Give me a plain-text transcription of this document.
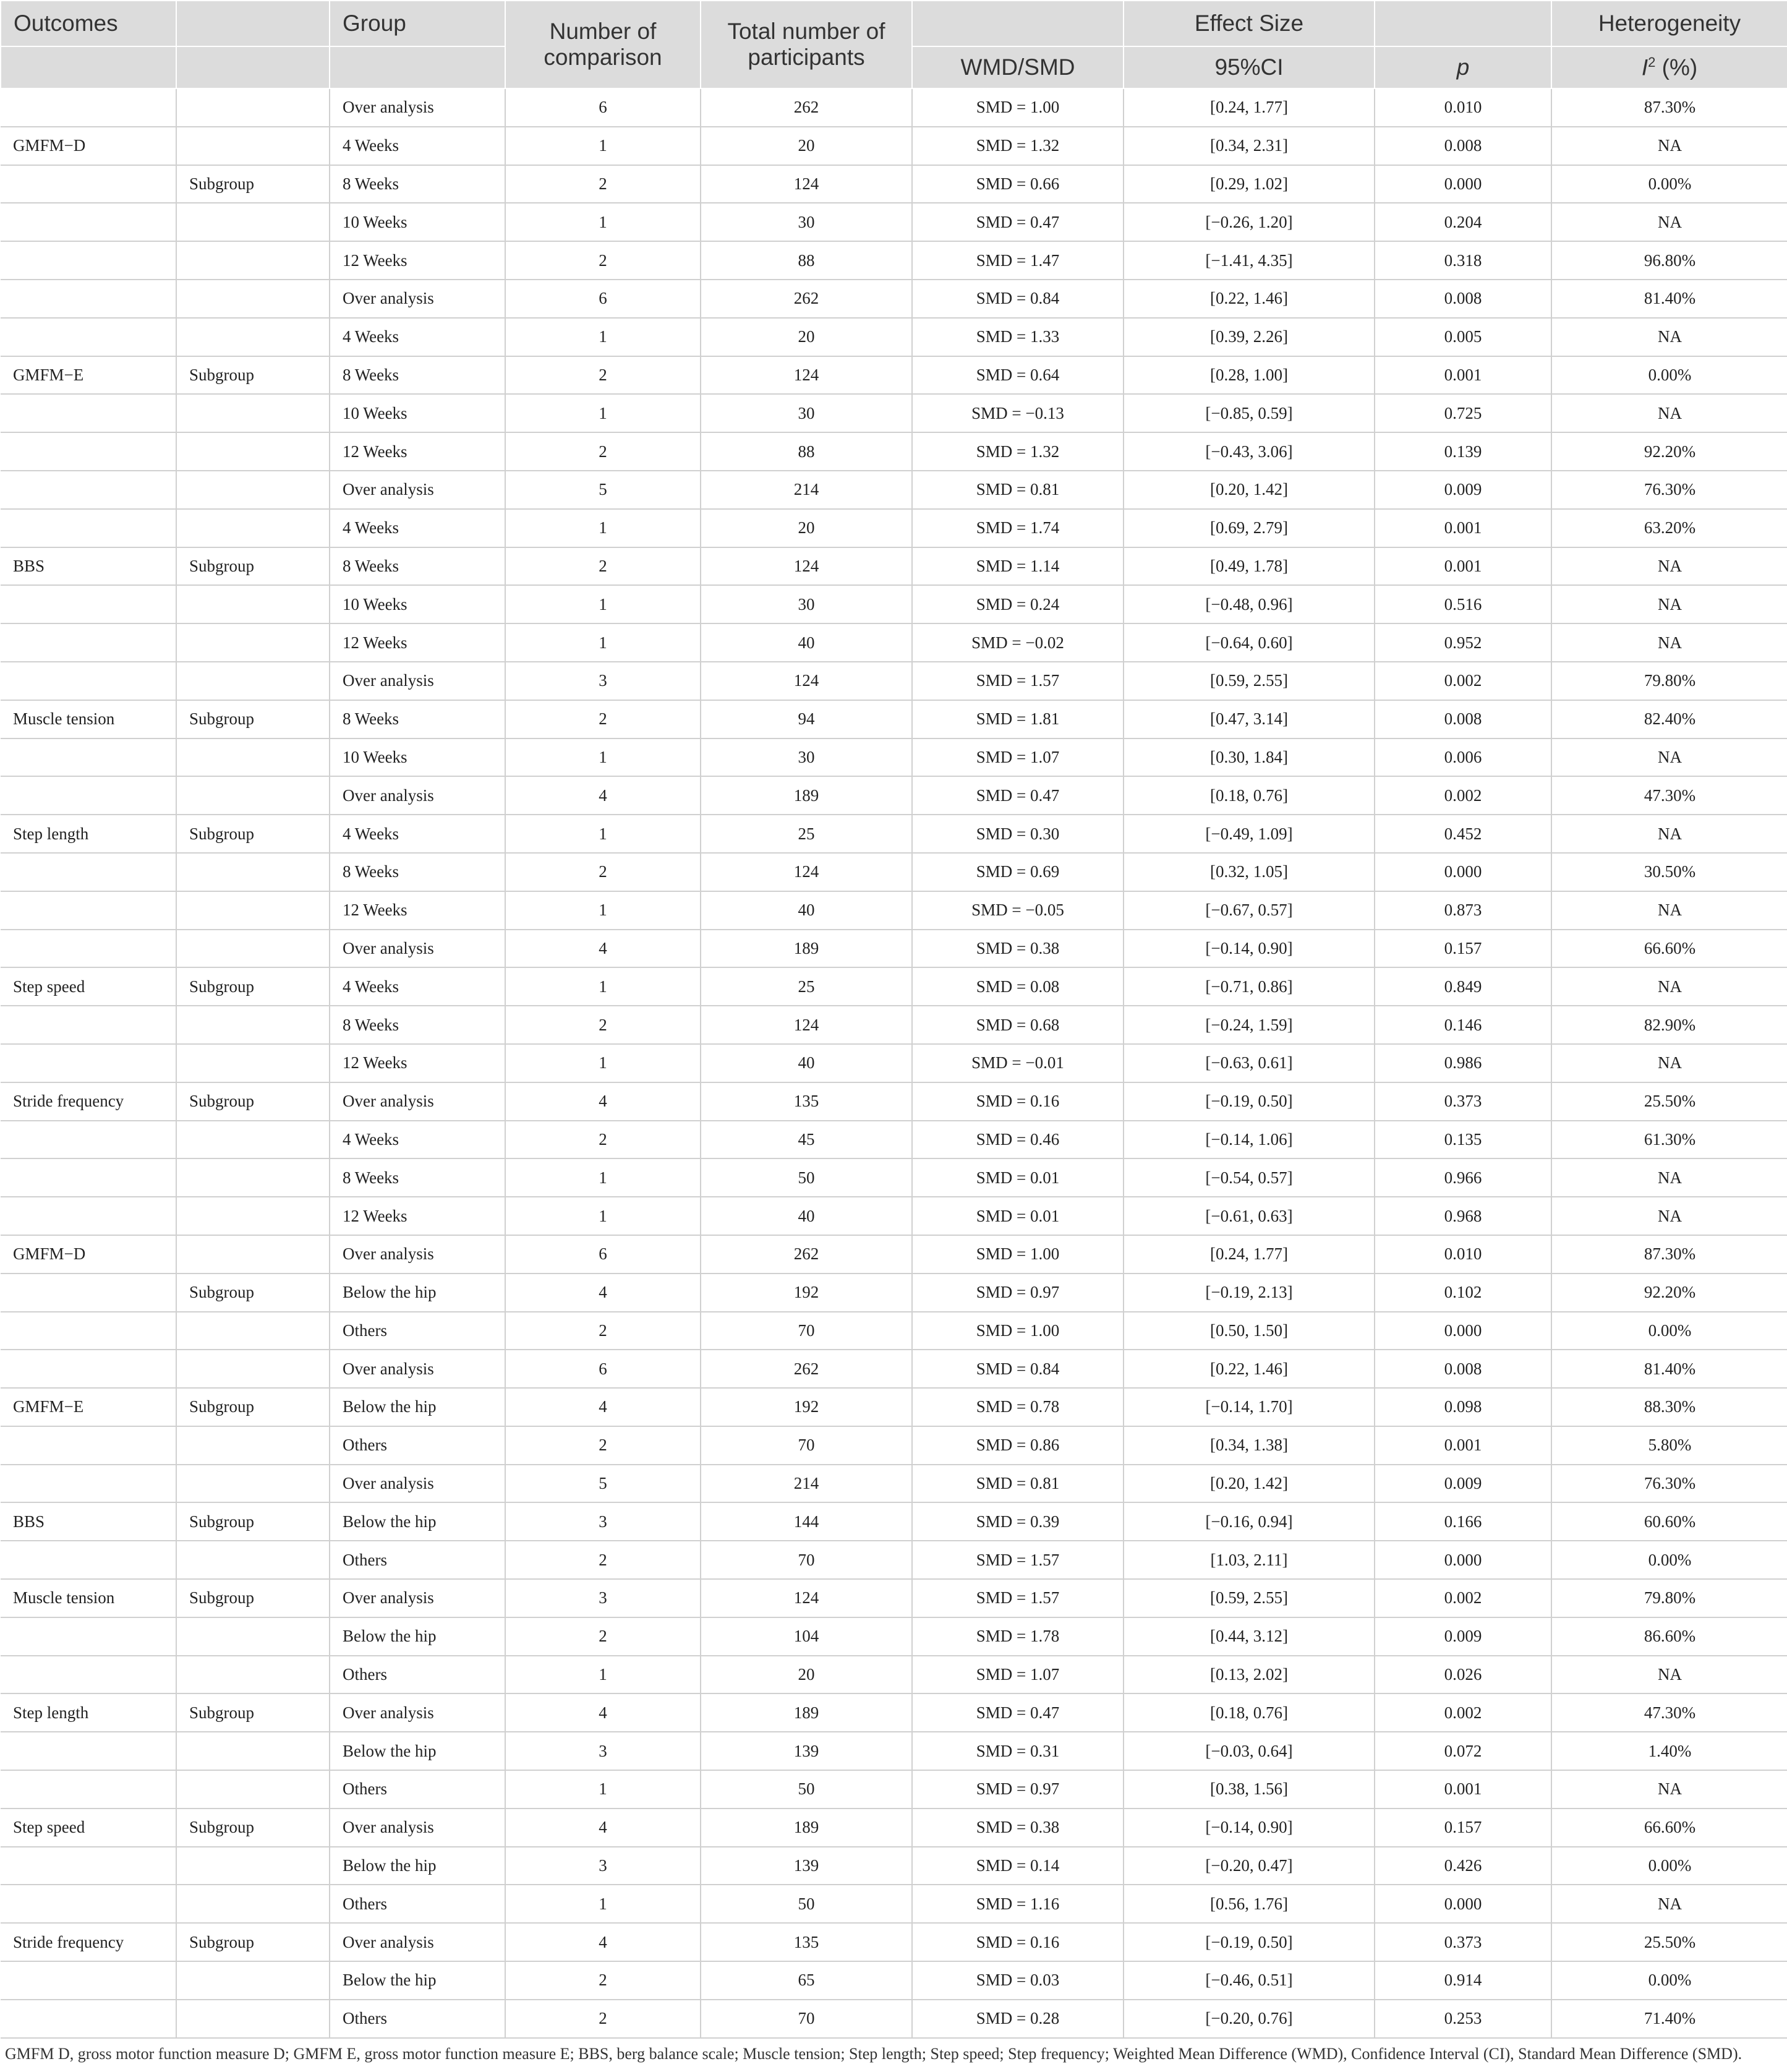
Outcomes		Group	Number of comparison	Total number of participants		Effect Size		Heterogeneity
					WMD/SMD	95%CI	p	$I^2$ (%)
		Over analysis	6	262	SMD = 1.00	[0.24, 1.77]	0.010	87.30%
GMFM−D		4 Weeks	1	20	SMD = 1.32	[0.34, 2.31]	0.008	NA
	Subgroup	8 Weeks	2	124	SMD = 0.66	[0.29, 1.02]	0.000	0.00%
		10 Weeks	1	30	SMD = 0.47	[−0.26, 1.20]	0.204	NA
		12 Weeks	2	88	SMD = 1.47	[−1.41, 4.35]	0.318	96.80%
		Over analysis	6	262	SMD = 0.84	[0.22, 1.46]	0.008	81.40%
		4 Weeks	1	20	SMD = 1.33	[0.39, 2.26]	0.005	NA
GMFM−E	Subgroup	8 Weeks	2	124	SMD = 0.64	[0.28, 1.00]	0.001	0.00%
		10 Weeks	1	30	SMD = −0.13	[−0.85, 0.59]	0.725	NA
		12 Weeks	2	88	SMD = 1.32	[−0.43, 3.06]	0.139	92.20%
		Over analysis	5	214	SMD = 0.81	[0.20, 1.42]	0.009	76.30%
		4 Weeks	1	20	SMD = 1.74	[0.69, 2.79]	0.001	63.20%
BBS	Subgroup	8 Weeks	2	124	SMD = 1.14	[0.49, 1.78]	0.001	NA
		10 Weeks	1	30	SMD = 0.24	[−0.48, 0.96]	0.516	NA
		12 Weeks	1	40	SMD = −0.02	[−0.64, 0.60]	0.952	NA
		Over analysis	3	124	SMD = 1.57	[0.59, 2.55]	0.002	79.80%
Muscle tension	Subgroup	8 Weeks	2	94	SMD = 1.81	[0.47, 3.14]	0.008	82.40%
		10 Weeks	1	30	SMD = 1.07	[0.30, 1.84]	0.006	NA
		Over analysis	4	189	SMD = 0.47	[0.18, 0.76]	0.002	47.30%
Step length	Subgroup	4 Weeks	1	25	SMD = 0.30	[−0.49, 1.09]	0.452	NA
		8 Weeks	2	124	SMD = 0.69	[0.32, 1.05]	0.000	30.50%
		12 Weeks	1	40	SMD = −0.05	[−0.67, 0.57]	0.873	NA
		Over analysis	4	189	SMD = 0.38	[−0.14, 0.90]	0.157	66.60%
Step speed	Subgroup	4 Weeks	1	25	SMD = 0.08	[−0.71, 0.86]	0.849	NA
		8 Weeks	2	124	SMD = 0.68	[−0.24, 1.59]	0.146	82.90%
		12 Weeks	1	40	SMD = −0.01	[−0.63, 0.61]	0.986	NA
Stride frequency	Subgroup	Over analysis	4	135	SMD = 0.16	[−0.19, 0.50]	0.373	25.50%
		4 Weeks	2	45	SMD = 0.46	[−0.14, 1.06]	0.135	61.30%
		8 Weeks	1	50	SMD = 0.01	[−0.54, 0.57]	0.966	NA
		12 Weeks	1	40	SMD = 0.01	[−0.61, 0.63]	0.968	NA
GMFM−D		Over analysis	6	262	SMD = 1.00	[0.24, 1.77]	0.010	87.30%
	Subgroup	Below the hip	4	192	SMD = 0.97	[−0.19, 2.13]	0.102	92.20%
		Others	2	70	SMD = 1.00	[0.50, 1.50]	0.000	0.00%
		Over analysis	6	262	SMD = 0.84	[0.22, 1.46]	0.008	81.40%
GMFM−E	Subgroup	Below the hip	4	192	SMD = 0.78	[−0.14, 1.70]	0.098	88.30%
		Others	2	70	SMD = 0.86	[0.34, 1.38]	0.001	5.80%
		Over analysis	5	214	SMD = 0.81	[0.20, 1.42]	0.009	76.30%
BBS	Subgroup	Below the hip	3	144	SMD = 0.39	[−0.16, 0.94]	0.166	60.60%
		Others	2	70	SMD = 1.57	[1.03, 2.11]	0.000	0.00%
Muscle tension	Subgroup	Over analysis	3	124	SMD = 1.57	[0.59, 2.55]	0.002	79.80%
		Below the hip	2	104	SMD = 1.78	[0.44, 3.12]	0.009	86.60%
		Others	1	20	SMD = 1.07	[0.13, 2.02]	0.026	NA
Step length	Subgroup	Over analysis	4	189	SMD = 0.47	[0.18, 0.76]	0.002	47.30%
		Below the hip	3	139	SMD = 0.31	[−0.03, 0.64]	0.072	1.40%
		Others	1	50	SMD = 0.97	[0.38, 1.56]	0.001	NA
Step speed	Subgroup	Over analysis	4	189	SMD = 0.38	[−0.14, 0.90]	0.157	66.60%
		Below the hip	3	139	SMD = 0.14	[−0.20, 0.47]	0.426	0.00%
		Others	1	50	SMD = 1.16	[0.56, 1.76]	0.000	NA
Stride frequency	Subgroup	Over analysis	4	135	SMD = 0.16	[−0.19, 0.50]	0.373	25.50%
		Below the hip	2	65	SMD = 0.03	[−0.46, 0.51]	0.914	0.00%
		Others	2	70	SMD = 0.28	[−0.20, 0.76]	0.253	71.40%
GMFM D, gross motor function measure D; GMFM E, gross motor function measure E; BBS, berg balance scale; Muscle tension; Step length; Step speed; Step frequency; Weighted Mean Difference (WMD), Confidence Interval (CI), Standard Mean Difference (SMD).
